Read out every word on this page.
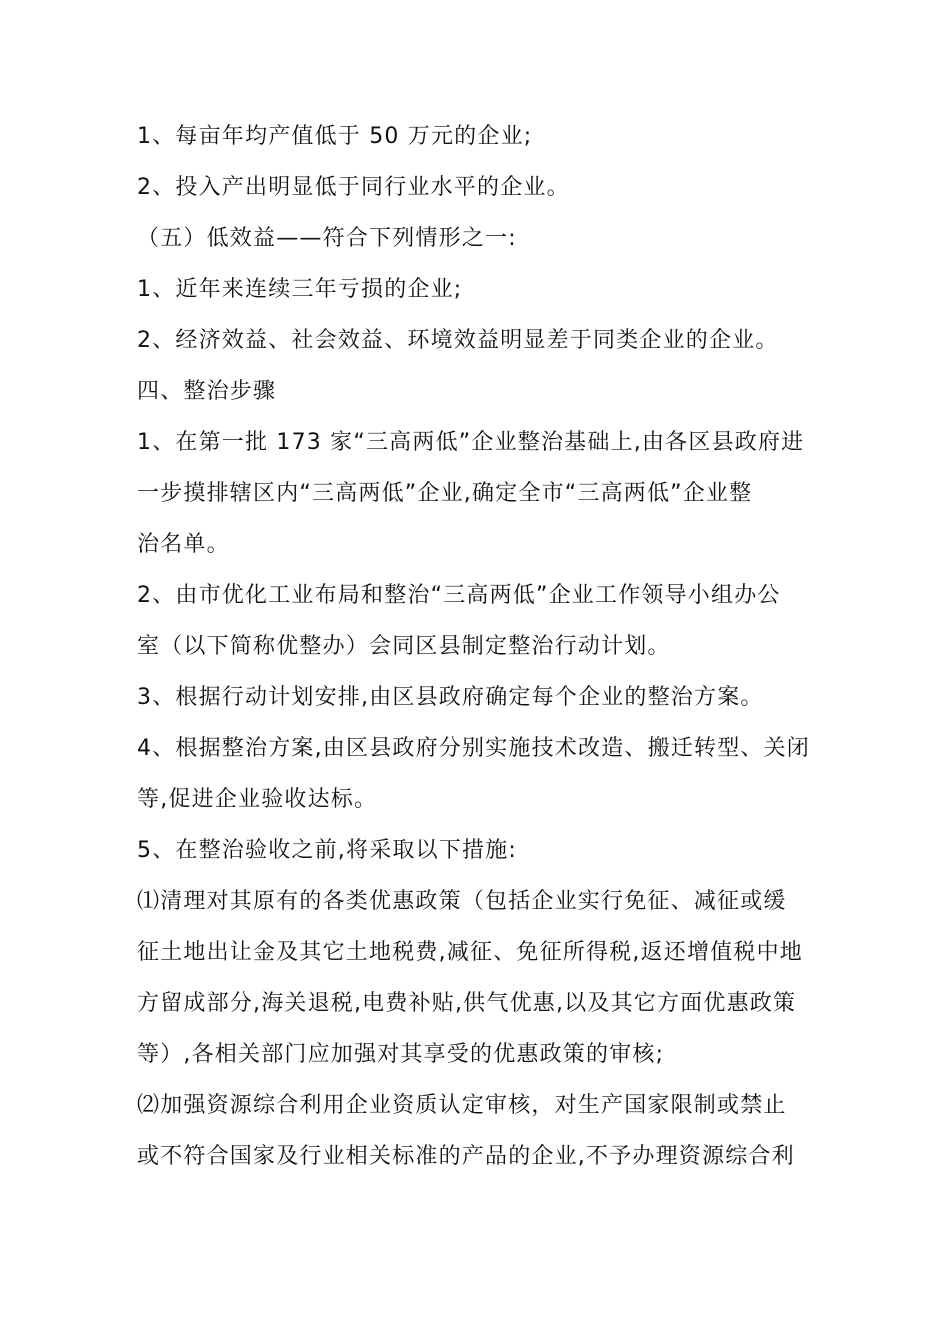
1、每亩年均产值低于 50 万元的企业;
2、投入产出明显低于同行业水平的企业。
（五）低效益——符合下列情形之一:
1、近年来连续三年亏损的企业;
2、经济效益、社会效益、环境效益明显差于同类企业的企业。
四、整治步骤
1、在第一批 173 家“三高两低”企业整治基础上,由各区县政府进
一步摸排辖区内“三高两低”企业,确定全市“三高两低”企业整
治名单。
2、由市优化工业布局和整治“三高两低”企业工作领导小组办公
室（以下简称优整办）会同区县制定整治行动计划。
3、根据行动计划安排,由区县政府确定每个企业的整治方案。
4、根据整治方案,由区县政府分别实施技术改造、搬迁转型、关闭
等,促进企业验收达标。
5、在整治验收之前,将采取以下措施:
⑴清理对其原有的各类优惠政策（包括企业实行免征、减征或缓
征土地出让金及其它土地税费,减征、免征所得税,返还增值税中地
方留成部分,海关退税,电费补贴,供气优惠,以及其它方面优惠政策
等）,各相关部门应加强对其享受的优惠政策的审核;
⑵加强资源综合利用企业资质认定审核，对生产国家限制或禁止
或不符合国家及行业相关标准的产品的企业,不予办理资源综合利
